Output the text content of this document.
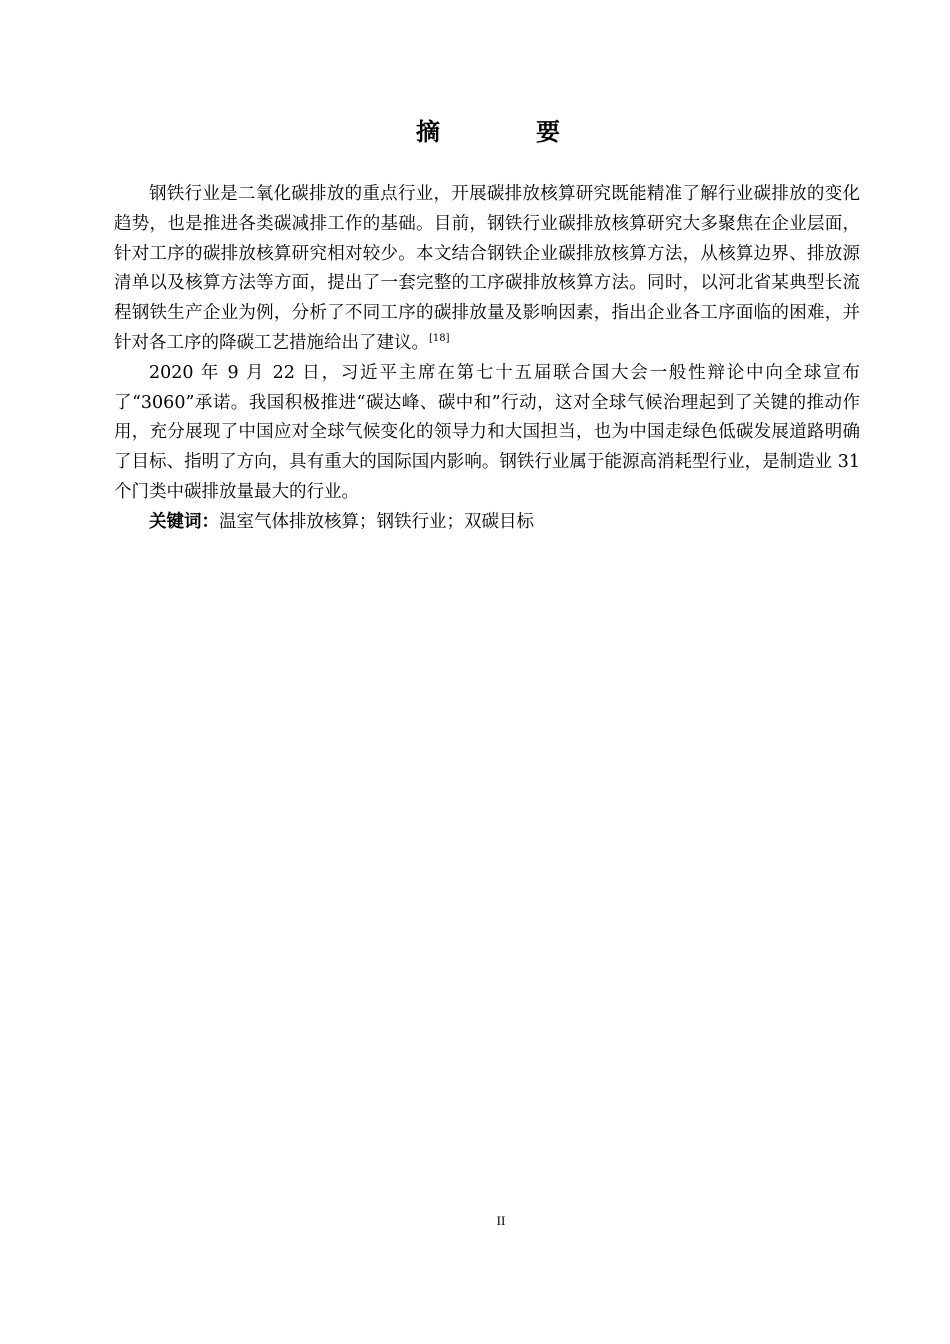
摘　要

钢铁行业是二氧化碳排放的重点行业，开展碳排放核算研究既能精准了解行业碳排放的变化趋势，也是推进各类碳减排工作的基础。目前，钢铁行业碳排放核算研究大多聚焦在企业层面，针对工序的碳排放核算研究相对较少。本文结合钢铁企业碳排放核算方法，从核算边界、排放源清单以及核算方法等方面，提出了一套完整的工序碳排放核算方法。同时，以河北省某典型长流程钢铁生产企业为例，分析了不同工序的碳排放量及影响因素，指出企业各工序面临的困难，并针对各工序的降碳工艺措施给出了建议。[18]

2020 年 9 月 22 日，习近平主席在第七十五届联合国大会一般性辩论中向全球宣布了“3060”承诺。我国积极推进“碳达峰、碳中和”行动，这对全球气候治理起到了关键的推动作用，充分展现了中国应对全球气候变化的领导力和大国担当，也为中国走绿色低碳发展道路明确了目标、指明了方向，具有重大的国际国内影响。钢铁行业属于能源高消耗型行业，是制造业 31 个门类中碳排放量最大的行业。

关键词：温室气体排放核算；钢铁行业；双碳目标

II
